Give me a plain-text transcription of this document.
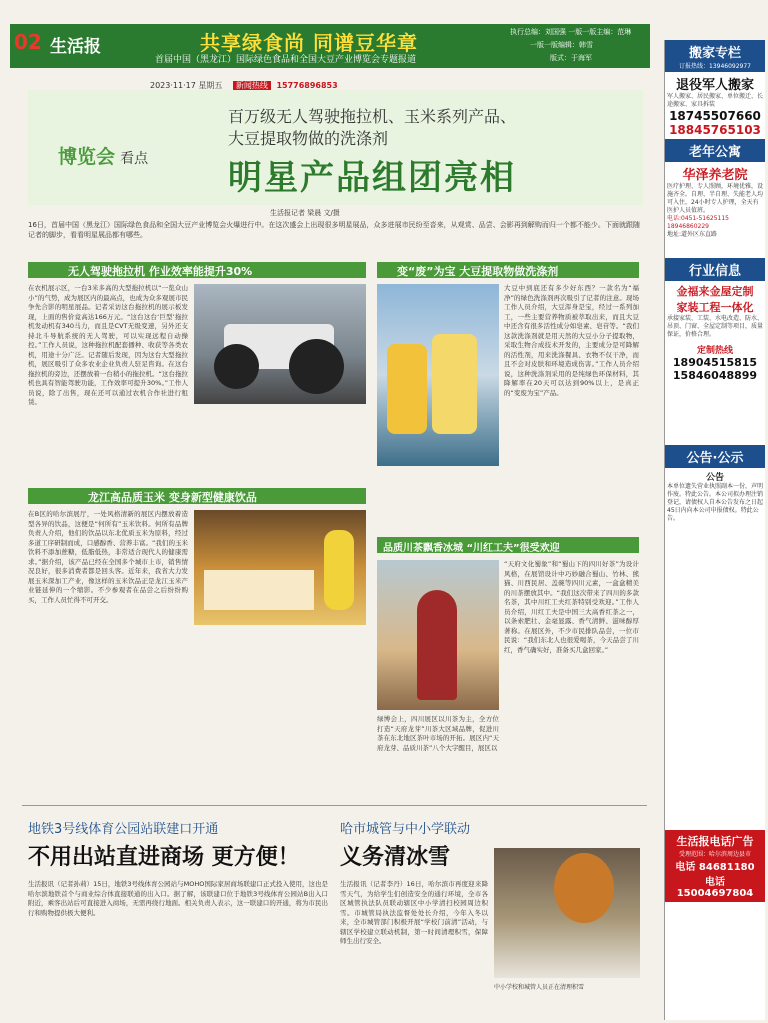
02 生活报	共享绿食尚 同谱豆华章
首届中国（黑龙江）国际绿色食品和全国大豆产业博览会专题报道
执行总编：刘国强 一版一版主编：范琳
一版一版编辑：韩雪
版式：于海军
2023·11·17 星期五 新闻热线 15776896853
博览会 看点
百万级无人驾驶拖拉机、玉米系列产品、
大豆提取物做的洗涤剂
明星产品组团亮相
生活报记者 梁晨 文/摄
16日，首届中国（黑龙江）国际绿色食品和全国大豆产业博览会火爆进行中。在这次盛会上出现很多明星展品，众多进展市民纷至沓来，从观赏、品尝、会影再到解购而归一个都不能少。下面就跟随记者的脚步，看看明星展品都有哪些。
无人驾驶拖拉机 作业效率能提升30%
在农机展示区，一台3米多高的大型拖拉机以“一览众山小”的气势，成为展区内的最高点，也成为众多观展市民争先合影的明星展品。记者采访这台拖拉机的展示板发现，上面的售价竟高达166万元。“这台这台‘巨型’拖拉机发动机有340马力，而且是CVT无级变速，另外还支持北斗导航系统的无人驾驶，可以实现远程自动操控。”工作人员说，这种拖拉机配套播种、收获等各类农机，用途十分广泛。记者随后发现，因为这台大型拖拉机，展区吸引了众多农业企业负责人驻足咨询。在这台拖拉机的旁边，还摆放着一台稍小的拖拉机。“这台拖拉机也具有智能驾驶功能，工作效率可提升30%。”工作人员说，除了出售，现在还可以通过农机合作社进行租赁。
变“废”为宝 大豆提取物做洗涤剂
大豆中到底还有多少好东西？一款名为“福净”的绿色洗涤剂再次吸引了记者的注意。现场工作人员介绍，大豆浑身是宝，经过一系列加工，一些主要营养物质被萃取出来，而且大豆中还含有很多活性成分如皂素、皂苷等。“我们这款洗涤剂就是用天然的大豆小分子提取物，采取生物合成技术开发的，主要成分是可降解的活性剂，用来洗涤餐具、衣物不仅干净，而且不会对皮肤和环境造成伤害。”工作人员介绍说，这种洗涤剂采用的是纯绿色环保材料，其降解率在20天可以达到90%以上，是真正的“变废为宝”产品。
龙江高品质玉米 变身新型健康饮品
在B区的哈尔滨展厅，一处风格清新的展区内摆放着造型各异的饮品，这便是“何所有”玉米饮料。何所有品牌负责人介绍，他们的饮品以东北优质玉米为原料，经过多道工序研制而成，口感醇香、营养丰富。“我们的玉米饮料不添加蔗糖，低脂低热，非常适合现代人的健康需求。”据介绍，该产品已经在全国多个城市上市，销售情况良好，很多消费者都是回头客。近年来，我省大力发展玉米深加工产业，像这样的玉米饮品正是龙江玉米产业链延伸的一个缩影。不少参观者在品尝之后纷纷购买，工作人员忙得不可开交。
品质川茶飘香冰城 “川红工夫”很受欢迎
“天府文化蜀象”和“蜀山下的四川好茶”为设计风格，在展馆设计中巧妙融合蜀山、竹林、熊猫、川西民居、盖碗等四川元素，一盒盒精美的川茶摆放其中。“我们这次带来了四川的多款名茶，其中川红工夫红茶特别受欢迎。”工作人员介绍，川红工夫是中国三大高香红茶之一，以条索肥壮、金毫显露、香气清鲜、滋味醇厚著称。在展区外，不少市民排队品尝，一位市民说：“我们东北人也很爱喝茶，今天品尝了川红，香气确实好，准备买几盒回家。”
绿博会上，四川展区以川茶为主，全方位打造“天府龙芽”川茶大区域品牌，促进川茶在东北地区茶叶市场的开拓。展区内“天府龙芽、品质川茶”八个大字醒目，展区以
地铁3号线体育公园站联建口开通
不用出站直进商场 更方便！
生活报讯（记者孙莉）15日，地铁3号线体育公园站与MOHO国际家居商场联建口正式投入使用，这也是哈尔滨地铁首个与商业综合体直接联通的出入口。据了解，该联建口位于地铁3号线体育公园站B出入口附近，乘客出站后可直接进入商场，无需再绕行地面。相关负责人表示，这一联建口的开通，将为市民出行和购物提供极大便利。
哈市城管与中小学联动
义务清冰雪
生活报讯（记者李丹）16日，哈尔滨市再度迎来降雪天气，为给学生们创造安全的通行环境，全市各区城管执法队员联动辖区中小学清扫校园周边积雪。市城管局执法监督处处长介绍，今年入冬以来，全市城管部门积极开展“学校门前清”活动，与辖区学校建立联动机制，第一时间清理积雪，保障师生出行安全。
中小学校和城管人员正在清理积雪
搬家专栏
订报热线：13946092977
退役军人搬家
军人搬家、居民搬家、单位搬迁、长途搬家、家具拆装
18745507660
18845765103
老年公寓
华泽养老院
医疗护理、专人照顾，环境优雅，设施齐全。自理、半自理、失能老人均可入住，24小时专人护理，全天有医护人员值班。
电话:0451-51625115 18946860229
地址:道外区东直路
行业信息
金福来金屋定制
家装工程一体化
承接家装、工装、水电改造、防水、吊顶、门窗、全屋定制等项目，质量保证，价格合理。
定制热线
18904515815
15846048899
公告·公示
公告
本单位遗失营业执照副本一份，声明作废。特此公告。本公司拟办理注销登记，请债权人自本公告发布之日起45日内向本公司申报债权。特此公告。
生活报电话广告
受理范围：哈尔滨周边县市
电话 84681180
电话 15004697804
